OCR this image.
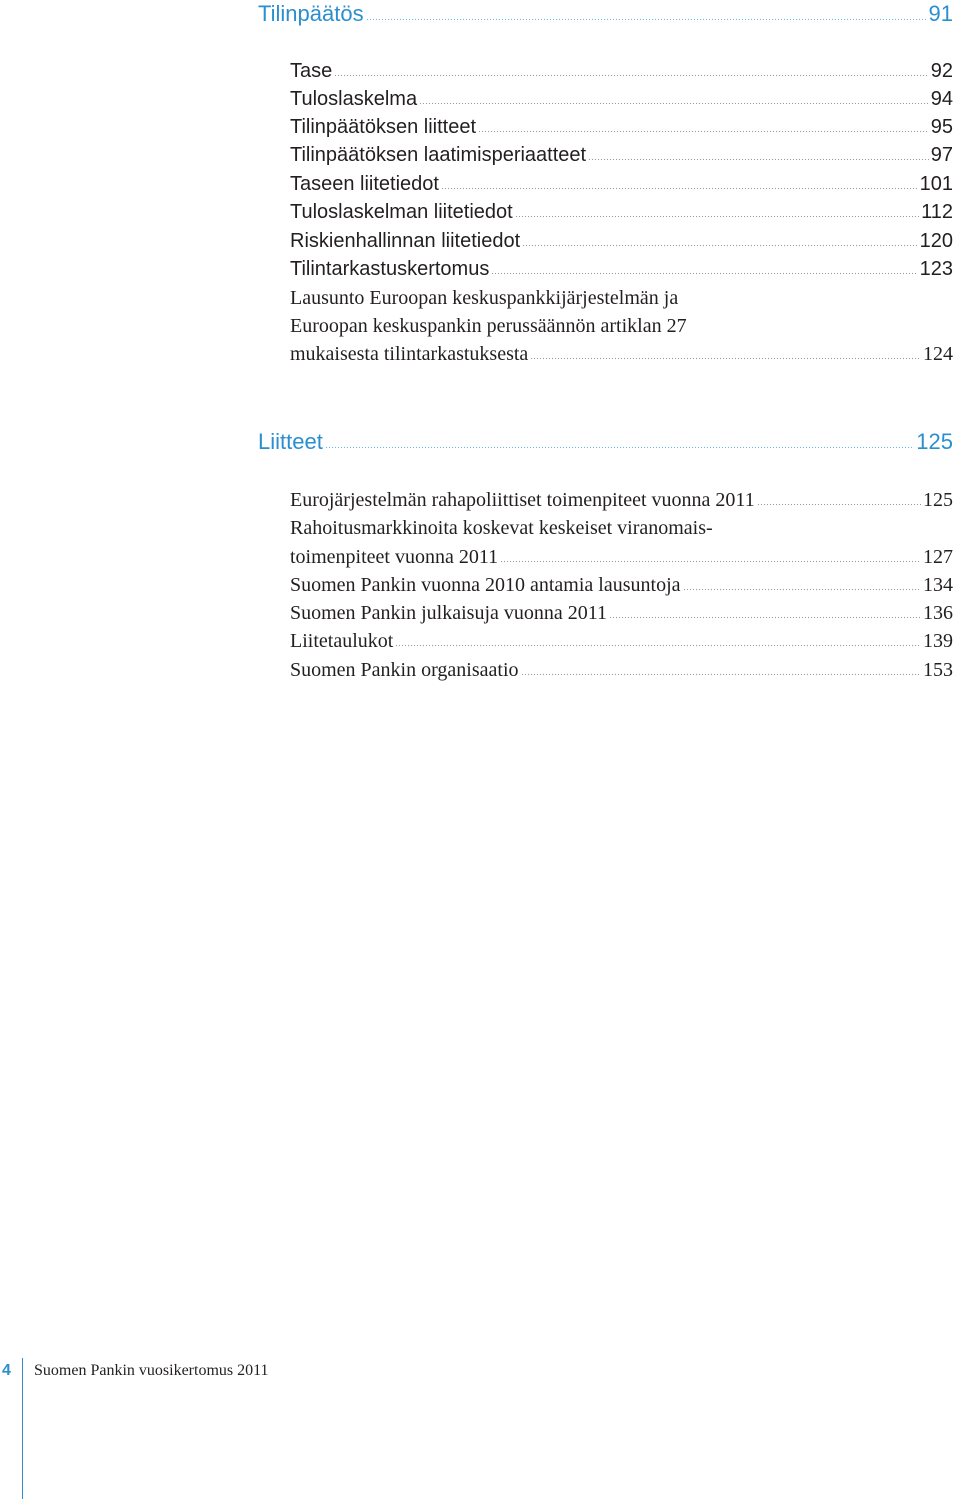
Tilinpäätös	91
Tase	92
Tuloslaskelma	94
Tilinpäätöksen liitteet	95
Tilinpäätöksen laatimisperiaatteet	97
Taseen liitetiedot	101
Tuloslaskelman liitetiedot	112
Riskienhallinnan liitetiedot	120
Tilintarkastuskertomus	123
Lausunto Euroopan keskuspankkijärjestelmän ja
Euroopan keskuspankin perussäännön artiklan 27
mukaisesta tilintarkastuksesta	124
Liitteet	125
Eurojärjestelmän rahapoliittiset toimenpiteet vuonna 2011	125
Rahoitusmarkkinoita koskevat keskeiset viranomais-
toimenpiteet vuonna 2011	127
Suomen Pankin vuonna 2010 antamia lausuntoja	134
Suomen Pankin julkaisuja vuonna 2011	136
Liitetaulukot	139
Suomen Pankin organisaatio	153
4 Suomen Pankin vuosikertomus 2011
